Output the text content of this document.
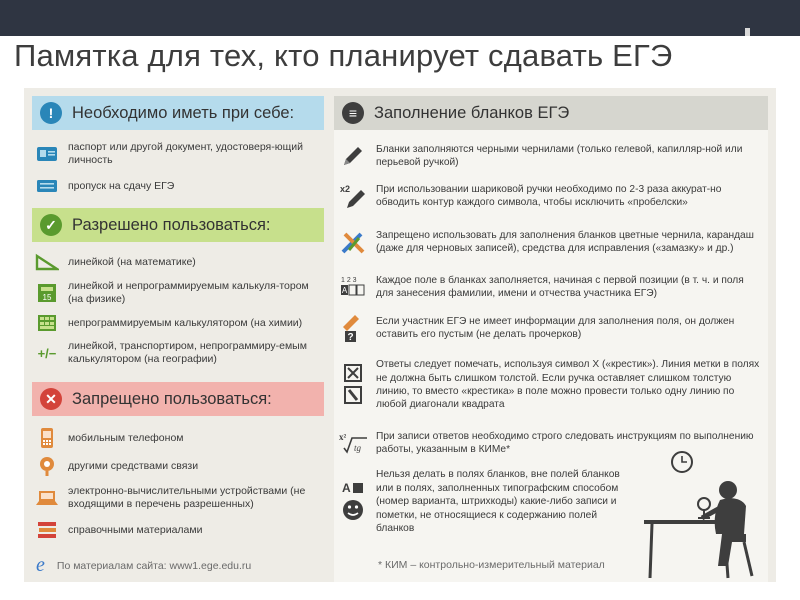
Памятка для тех, кто планирует сдавать ЕГЭ
!	Необходимо иметь при себе:
паспорт или другой документ, удостоверя-ющий личность
пропуск на сдачу ЕГЭ
✓ Разрешено пользоваться:
линейкой (на математике)
15
линейкой и непрограммируемым калькуля-тором (на физике)
непрограммируемым калькулятором (на химии)
+/− линейкой, транспортиром, непрограммиру-емым калькулятором (на географии)
✕ Запрещено пользоваться:
мобильным телефоном
другими средствами связи
электронно-вычислительными устройствами (не входящими в перечень разрешенных)
справочными материалами
≡	Заполнение бланков ЕГЭ
Бланки заполняются черными чернилами (только гелевой, капилляр-ной или перьевой ручкой)
x2	При использовании шариковой ручки необходимо по 2-3 раза аккурат-но обводить контур каждого символа, чтобы исключить «пробелски»
Запрещено использовать для заполнения бланков цветные чернила, карандаш (даже для черновых записей), средства для исправления («замазку» и др.)
1 2 3
А
Каждое поле в бланках заполняется, начиная с первой позиции (в т. ч. и поля для занесения фамилии, имени и отчества участника ЕГЭ)
?
Если участник ЕГЭ не имеет информации для заполнения поля, он должен оставить его пустым (не делать прочерков)
Ответы следует помечать, используя символ X («крестик»). Линия метки в полях не должна быть слишком толстой. Если ручка оставляет слишком толстую линию, то вместо «крестика» в поле можно провести только одну линию по любой диагонали квадрата
x²
tg
При записи ответов необходимо строго следовать инструкциям по выполнению работы, указанным в КИМе*
A
Нельзя делать в полях бланков, вне полей бланков или в полях, заполненных типографским способом (номер варианта, штрихкоды) какие-либо записи и пометки, не относящиеся к содержанию полей бланков
e По материалам сайта: www1.ege.edu.ru	* КИМ – контрольно-измерительный материал
